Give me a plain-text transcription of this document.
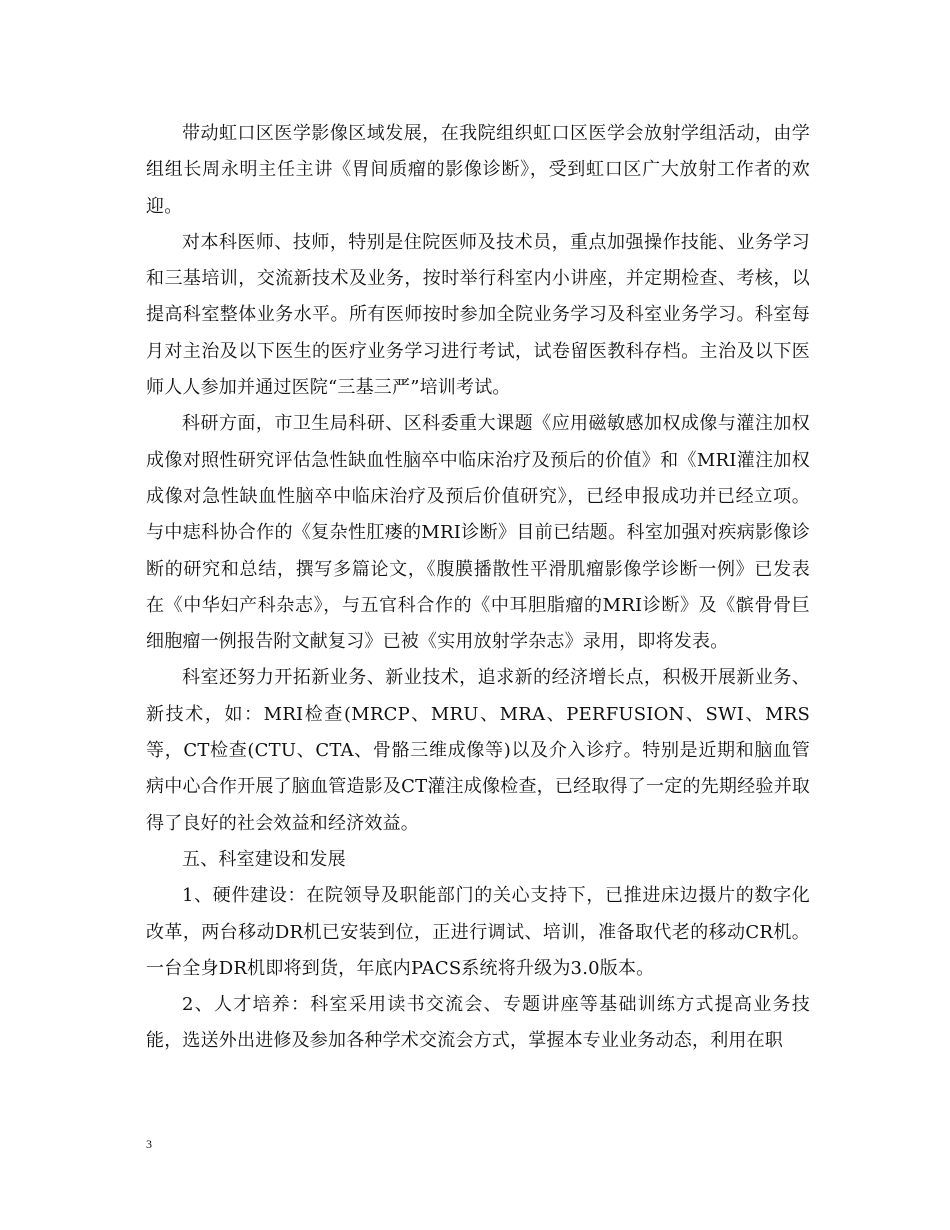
带动虹口区医学影像区域发展，在我院组织虹口区医学会放射学组活动，由学组组长周永明主任主讲《胃间质瘤的影像诊断》，受到虹口区广大放射工作者的欢迎。

对本科医师、技师，特别是住院医师及技术员，重点加强操作技能、业务学习和三基培训，交流新技术及业务，按时举行科室内小讲座，并定期检查、考核，以提高科室整体业务水平。所有医师按时参加全院业务学习及科室业务学习。科室每月对主治及以下医生的医疗业务学习进行考试，试卷留医教科存档。主治及以下医师人人参加并通过医院“三基三严”培训考试。

科研方面，市卫生局科研、区科委重大课题《应用磁敏感加权成像与灌注加权成像对照性研究评估急性缺血性脑卒中临床治疗及预后的价值》和《MRI灌注加权成像对急性缺血性脑卒中临床治疗及预后价值研究》，已经申报成功并已经立项。与中痣科协合作的《复杂性肛瘘的MRI诊断》目前已结题。科室加强对疾病影像诊断的研究和总结，撰写多篇论文，《腹膜播散性平滑肌瘤影像学诊断一例》已发表在《中华妇产科杂志》，与五官科合作的《中耳胆脂瘤的MRI诊断》及《髌骨骨巨细胞瘤一例报告附文献复习》已被《实用放射学杂志》录用，即将发表。

科室还努力开拓新业务、新业技术，追求新的经济增长点，积极开展新业务、新技术，如：MRI检查(MRCP、MRU、MRA、PERFUSION、SWI、MRS等，CT检查(CTU、CTA、骨骼三维成像等)以及介入诊疗。特别是近期和脑血管病中心合作开展了脑血管造影及CT灌注成像检查，已经取得了一定的先期经验并取得了良好的社会效益和经济效益。

五、科室建设和发展

1、硬件建设：在院领导及职能部门的关心支持下，已推进床边摄片的数字化改革，两台移动DR机已安装到位，正进行调试、培训，准备取代老的移动CR机。一台全身DR机即将到货，年底内PACS系统将升级为3.0版本。

2、人才培养：科室采用读书交流会、专题讲座等基础训练方式提高业务技能，选送外出进修及参加各种学术交流会方式，掌握本专业业务动态，利用在职

3
